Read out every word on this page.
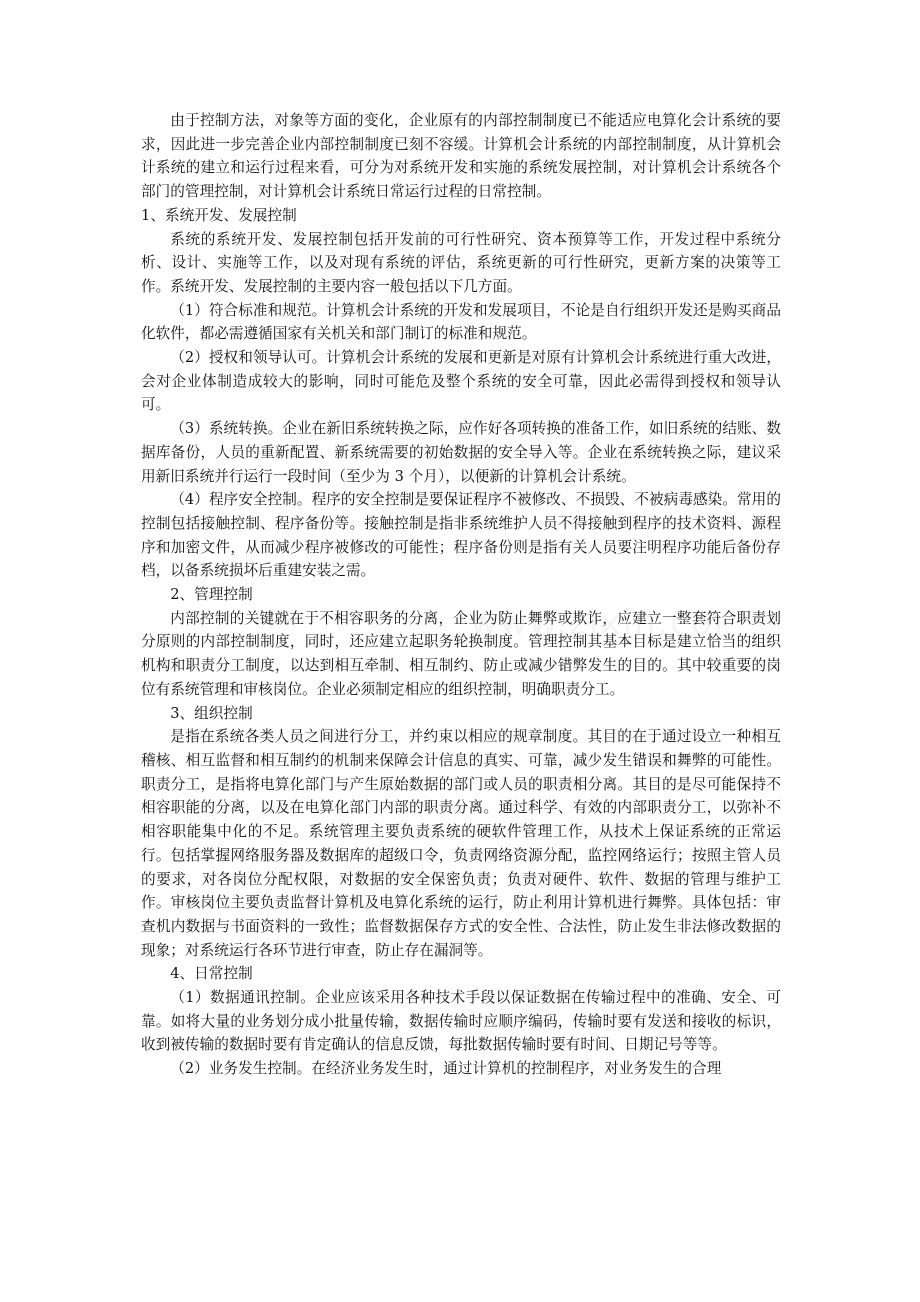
由于控制方法，对象等方面的变化，企业原有的内部控制制度已不能适应电算化会计系统的要求，因此进一步完善企业内部控制制度已刻不容缓。计算机会计系统的内部控制制度，从计算机会计系统的建立和运行过程来看，可分为对系统开发和实施的系统发展控制，对计算机会计系统各个部门的管理控制，对计算机会计系统日常运行过程的日常控制。

1、系统开发、发展控制

系统的系统开发、发展控制包括开发前的可行性研究、资本预算等工作，开发过程中系统分析、设计、实施等工作，以及对现有系统的评估，系统更新的可行性研究，更新方案的决策等工作。系统开发、发展控制的主要内容一般包括以下几方面。

（1）符合标准和规范。计算机会计系统的开发和发展项目，不论是自行组织开发还是购买商品化软件，都必需遵循国家有关机关和部门制订的标准和规范。

（2）授权和领导认可。计算机会计系统的发展和更新是对原有计算机会计系统进行重大改进，会对企业体制造成较大的影响，同时可能危及整个系统的安全可靠，因此必需得到授权和领导认可。

（3）系统转换。企业在新旧系统转换之际，应作好各项转换的准备工作，如旧系统的结账、数据库备份，人员的重新配置、新系统需要的初始数据的安全导入等。企业在系统转换之际，建议采用新旧系统并行运行一段时间（至少为 3 个月），以便新的计算机会计系统。

（4）程序安全控制。程序的安全控制是要保证程序不被修改、不损毁、不被病毒感染。常用的控制包括接触控制、程序备份等。接触控制是指非系统维护人员不得接触到程序的技术资料、源程序和加密文件，从而减少程序被修改的可能性；程序备份则是指有关人员要注明程序功能后备份存档，以备系统损坏后重建安装之需。

2、管理控制

内部控制的关键就在于不相容职务的分离，企业为防止舞弊或欺诈，应建立一整套符合职责划分原则的内部控制制度，同时，还应建立起职务轮换制度。管理控制其基本目标是建立恰当的组织机构和职责分工制度，以达到相互牵制、相互制约、防止或减少错弊发生的目的。其中较重要的岗位有系统管理和审核岗位。企业必须制定相应的组织控制，明确职责分工。

3、组织控制

是指在系统各类人员之间进行分工，并约束以相应的规章制度。其目的在于通过设立一种相互稽核、相互监督和相互制约的机制来保障会计信息的真实、可靠，减少发生错误和舞弊的可能性。职责分工，是指将电算化部门与产生原始数据的部门或人员的职责相分离。其目的是尽可能保持不相容职能的分离，以及在电算化部门内部的职责分离。通过科学、有效的内部职责分工，以弥补不相容职能集中化的不足。系统管理主要负责系统的硬软件管理工作，从技术上保证系统的正常运行。包括掌握网络服务器及数据库的超级口令，负责网络资源分配，监控网络运行；按照主管人员的要求，对各岗位分配权限，对数据的安全保密负责；负责对硬件、软件、数据的管理与维护工作。审核岗位主要负责监督计算机及电算化系统的运行，防止利用计算机进行舞弊。具体包括：审查机内数据与书面资料的一致性；监督数据保存方式的安全性、合法性，防止发生非法修改数据的现象；对系统运行各环节进行审查，防止存在漏洞等。

4、日常控制

（1）数据通讯控制。企业应该采用各种技术手段以保证数据在传输过程中的准确、安全、可靠。如将大量的业务划分成小批量传输，数据传输时应顺序编码，传输时要有发送和接收的标识，收到被传输的数据时要有肯定确认的信息反馈，每批数据传输时要有时间、日期记号等等。

（2）业务发生控制。在经济业务发生时，通过计算机的控制程序，对业务发生的合理
